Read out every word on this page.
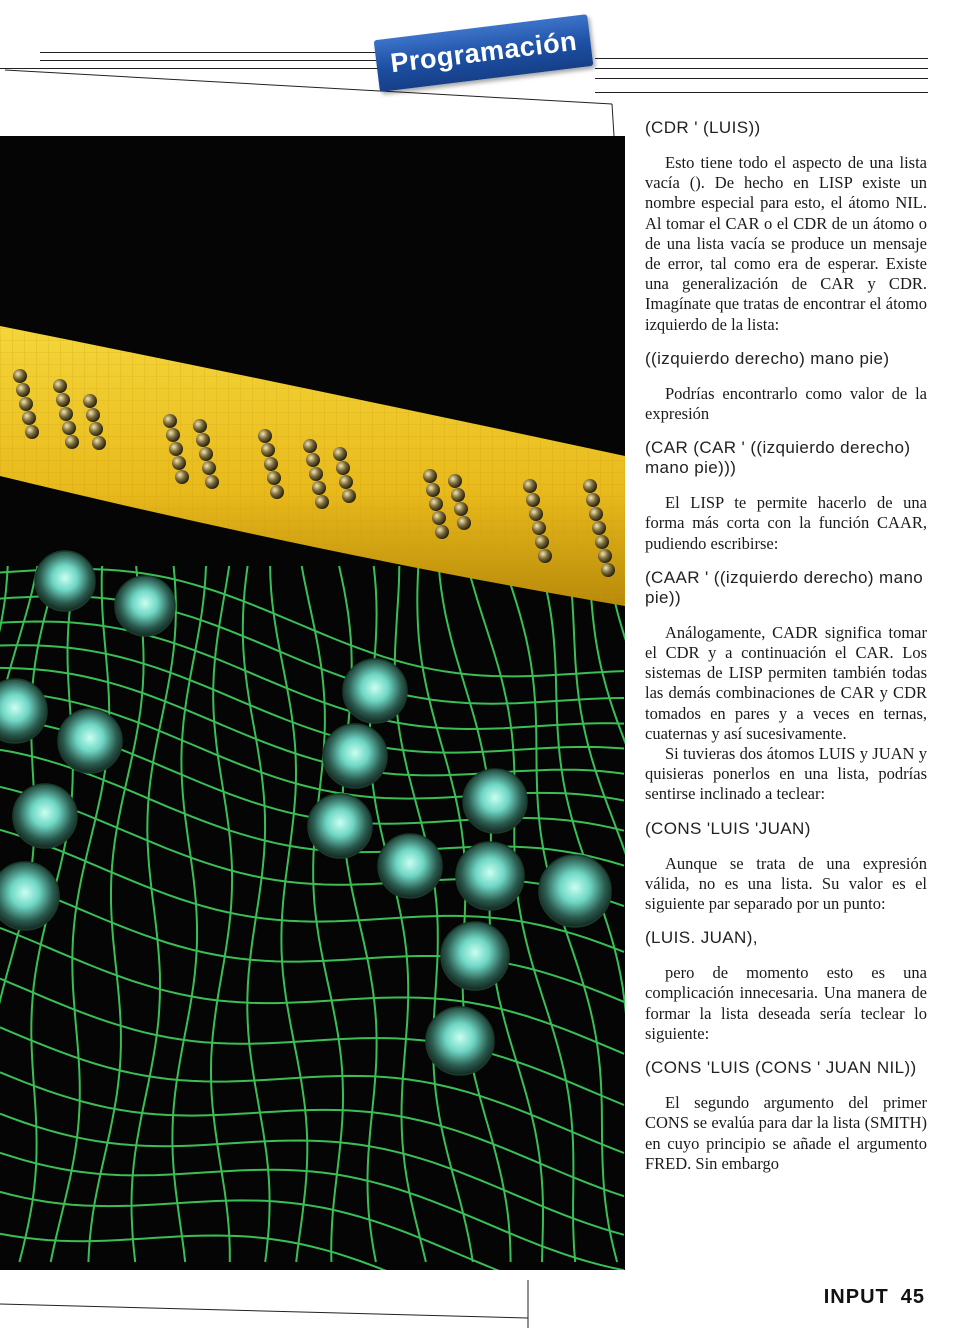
Programación
(CDR ' (LUIS))

Esto tiene todo el aspecto de una lista vacía (). De hecho en LISP existe un nombre especial para esto, el átomo NIL. Al tomar el CAR o el CDR de un átomo o de una lista vacía se produce un mensaje de error, tal como era de esperar. Existe una generalización de CAR y CDR. Imagínate que tratas de encontrar el átomo izquierdo de la lista:

((izquierdo derecho) mano pie)

Podrías encontrarlo como valor de la expresión

(CAR (CAR ' ((izquierdo derecho) mano pie)))

El LISP te permite hacerlo de una forma más corta con la función CAAR, pudiendo escribirse:

(CAAR ' ((izquierdo derecho) mano pie))

Análogamente, CADR significa tomar el CDR y a continuación el CAR. Los sistemas de LISP permiten también todas las demás combinaciones de CAR y CDR tomados en pares y a veces en ternas, cuaternas y así sucesivamente.

Si tuvieras dos átomos LUIS y JUAN y quisieras ponerlos en una lista, podrías sentirse inclinado a teclear:

(CONS 'LUIS 'JUAN)

Aunque se trata de una expresión válida, no es una lista. Su valor es el siguiente par separado por un punto:

(LUIS. JUAN),

pero de momento esto es una complicación innecesaria. Una manera de formar la lista deseada sería teclear lo siguiente:

(CONS 'LUIS (CONS ' JUAN NIL))

El segundo argumento del primer CONS se evalúa para dar la lista (SMITH) en cuyo principio se añade el argumento FRED. Sin embargo

INPUT 45
